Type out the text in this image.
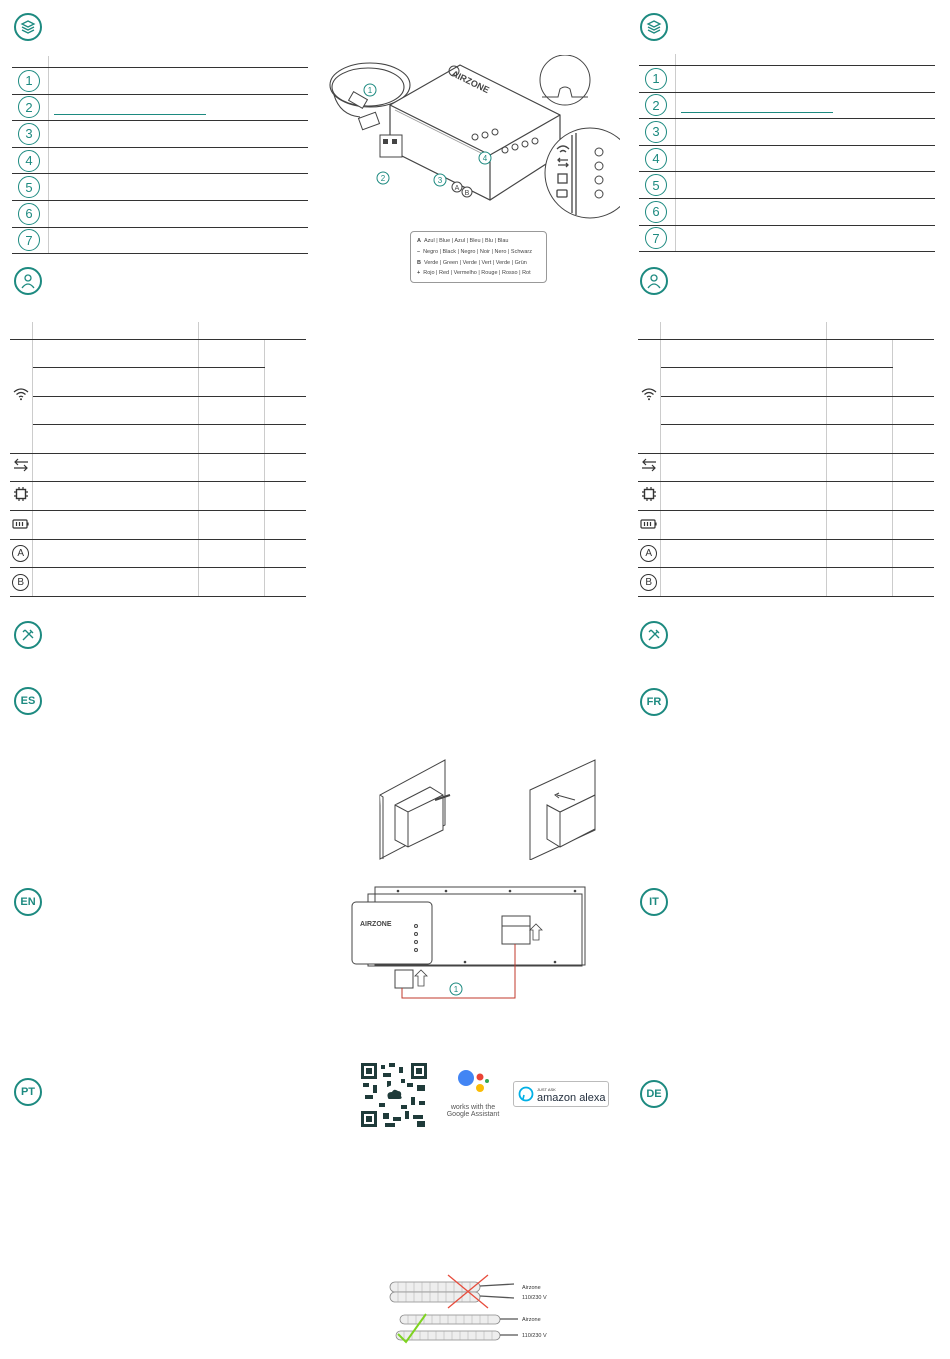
ES
EN
PT
FR
IT
DE
1
2
3
4
5
6
7
1
2
3
4
5
6
7

A			

B			

A			

B			

AIRZONE
1
2	3
4
A
B
A Azul | Blue | Azul | Bleu | Blu | Blau
– Negro | Black | Negro | Noir | Nero | Schwarz
B Verde | Green | Verde | Vert | Verde | Grün
+ Rojo | Red | Vermelho | Rouge | Rosso | Rot
AIRZONE
1
works with the
Google Assistant
JUST ASK
amazon alexa
Airzone
110/230 V
Airzone
110/230 V
